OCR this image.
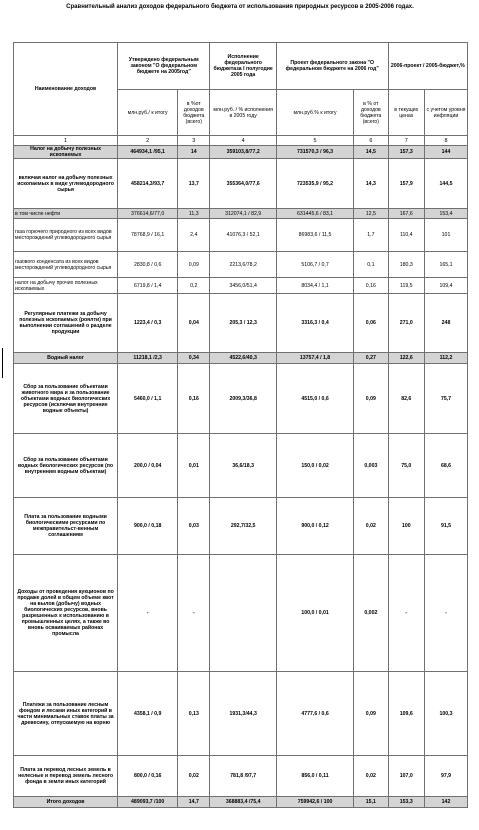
Сравнительный анализ доходов федерального бюджета от использования природных ресурсов в 2005-2006 годах.
Наименование доходов	Утверждено федеральным законом "О федеральном бюджете на 2005год"		Исполнение федерального бюджетаза I полугодие 2005 года	Проект федерального закона "О федеральном бюджете на 2006 год"		2006-проект / 2005-бюджет,%	
	млн.руб./ к итогу	в %от доходов бюджета (всего)	млн.руб. / % исполнения в 2005 году	млн.руб.% к итогу	в % от доходов бюджета (всего)	в текущих ценах	с учетом уровня инфляции
1	2	3	4	5	6	7	8
Налог на добычу полезных ископаемых	464934,1 /95,1	14	359103,8/77,2	731570,3 / 96,3	14,5	157,3	144
включая налог на добычу полезных ископаемых в виде углеводородного сырья	458214,3/93,7	13,7	355364,0/77,6	723535,9 / 95,2	14,3	157,9	144,5
в том числе нефти	376614,6/77,0	11,3	312074,1 / 82,9	631445,6 / 83,1	12,5	167,6	153,4
газа горючего природного из всех видов месторождений углеводородного сырья	78768,9 / 16,1	2,4	41076,3 / 52,1	86983,6 / 11,5	1,7	110,4	101
газового конденсата из всех видов месторождений углеводородного сырья	2830,8 / 0,6	0,09	2213,6/78,2	5106,7 / 0,7	0,1	180,3	165,1
налог на добычу прочих полезных ископаемых	6719,8 / 1,4	0,2	3456,0/51,4	8034,4 / 1,1	0,16	119,5	109,4
Регулярные платежи за добычу полезных ископаемых (роялти) при выполнении соглашений о разделе продукции	1223,4 / 0,3	0,04	205,3 / 12,3	3316,3 / 0,4	0,06	271,0	248
Водный налог	11218,1 /2,3	0,34	4522,6/40,3	13757,4 / 1,8	0,27	122,6	112,2
Сбор за пользование объектами животного мира и за пользование объектами водных биологических ресурсов (исключая внутренние водные объекты)	5460,0 / 1,1	0,16	2009,3/36,8	4515,0 / 0,6	0,09	82,6	75,7
Сбор за пользование объектами водных биологических ресурсов (по внутренним водным объектам)	200,0 / 0,04	0,01	36,6/18,3	150,0 / 0,02	0,003	75,0	68,6
Плата за пользование водными биологическими ресурсами по межправительст-венным соглашениям	900,0 / 0,18	0,03	292,7/32,5	900,0 / 0,12	0,02	100	91,5
Доходы от проведения аукционов по продаже долей в общем объеме квот на вылов (добычу) водных биологических ресурсов, вновь разрешенных к использованию в промышленных целях, а также во вновь осваиваемых районах промысла	-	-		100,0 / 0,01	0,002	-	-
Платежи за пользование лесным фондом и лесами иных категорий в части минимальных ставок платы за древесину, отпускаемую на корню	4358,1 / 0,9	0,13	1931,3/44,3	4777,6 / 0,6	0,09	109,6	100,3
Плата за перевод лесных земель в нелесные и перевод земель лесного фонда в земли иных категорий	800,0 / 0,16	0,02	781,8 /97,7	856,0 / 0,11	0,02	107,0	97,9
Итого доходов	489093,7 /100	14,7	368883,4 /75,4	759942,6 / 100	15,1	153,3	142
